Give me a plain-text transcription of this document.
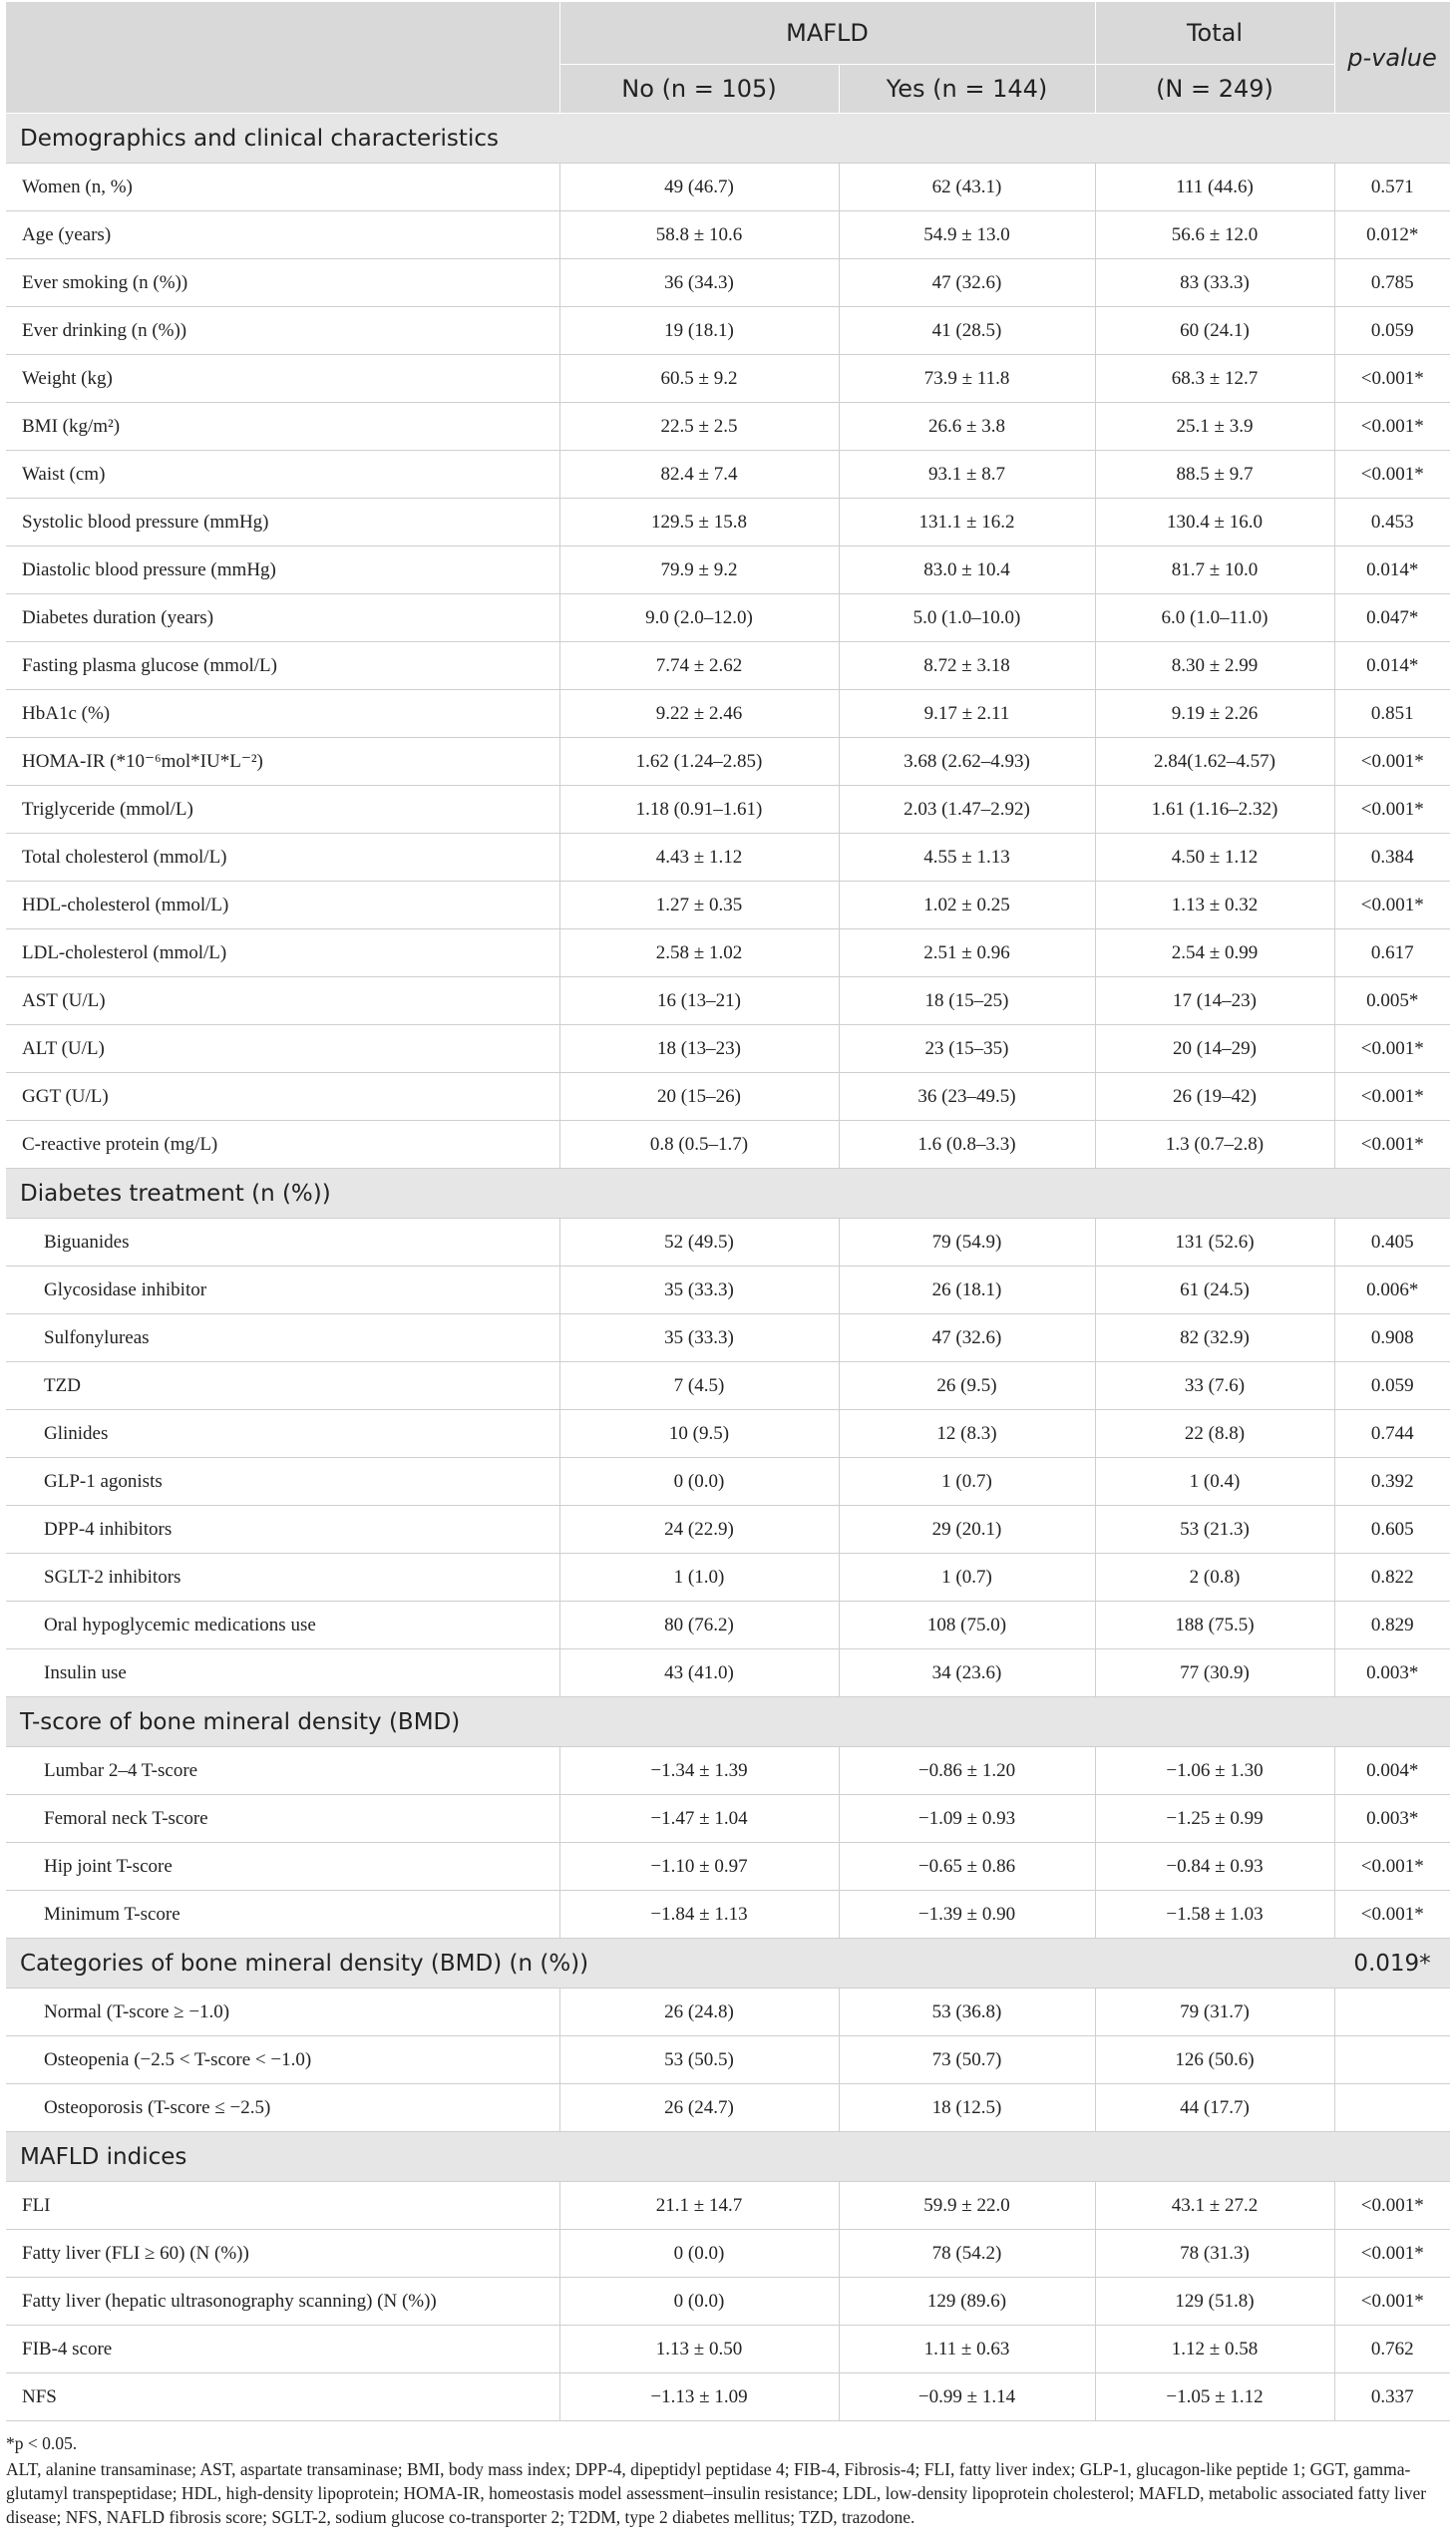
	MAFLD		Total	p-value
	No (n = 105)	Yes (n = 144)	(N = 249)	
Demographics and clinical characteristics				
Women (n, %)	49 (46.7)	62 (43.1)	111 (44.6)	0.571
Age (years)	58.8 ± 10.6	54.9 ± 13.0	56.6 ± 12.0	0.012*
Ever smoking (n (%))	36 (34.3)	47 (32.6)	83 (33.3)	0.785
Ever drinking (n (%))	19 (18.1)	41 (28.5)	60 (24.1)	0.059
Weight (kg)	60.5 ± 9.2	73.9 ± 11.8	68.3 ± 12.7	<0.001*
BMI (kg/m²)	22.5 ± 2.5	26.6 ± 3.8	25.1 ± 3.9	<0.001*
Waist (cm)	82.4 ± 7.4	93.1 ± 8.7	88.5 ± 9.7	<0.001*
Systolic blood pressure (mmHg)	129.5 ± 15.8	131.1 ± 16.2	130.4 ± 16.0	0.453
Diastolic blood pressure (mmHg)	79.9 ± 9.2	83.0 ± 10.4	81.7 ± 10.0	0.014*
Diabetes duration (years)	9.0 (2.0–12.0)	5.0 (1.0–10.0)	6.0 (1.0–11.0)	0.047*
Fasting plasma glucose (mmol/L)	7.74 ± 2.62	8.72 ± 3.18	8.30 ± 2.99	0.014*
HbA1c (%)	9.22 ± 2.46	9.17 ± 2.11	9.19 ± 2.26	0.851
HOMA-IR (*10⁻⁶mol*IU*L⁻²)	1.62 (1.24–2.85)	3.68 (2.62–4.93)	2.84(1.62–4.57)	<0.001*
Triglyceride (mmol/L)	1.18 (0.91–1.61)	2.03 (1.47–2.92)	1.61 (1.16–2.32)	<0.001*
Total cholesterol (mmol/L)	4.43 ± 1.12	4.55 ± 1.13	4.50 ± 1.12	0.384
HDL-cholesterol (mmol/L)	1.27 ± 0.35	1.02 ± 0.25	1.13 ± 0.32	<0.001*
LDL-cholesterol (mmol/L)	2.58 ± 1.02	2.51 ± 0.96	2.54 ± 0.99	0.617
AST (U/L)	16 (13–21)	18 (15–25)	17 (14–23)	0.005*
ALT (U/L)	18 (13–23)	23 (15–35)	20 (14–29)	<0.001*
GGT (U/L)	20 (15–26)	36 (23–49.5)	26 (19–42)	<0.001*
C-reactive protein (mg/L)	0.8 (0.5–1.7)	1.6 (0.8–3.3)	1.3 (0.7–2.8)	<0.001*
Diabetes treatment (n (%))				
Biguanides	52 (49.5)	79 (54.9)	131 (52.6)	0.405
Glycosidase inhibitor	35 (33.3)	26 (18.1)	61 (24.5)	0.006*
Sulfonylureas	35 (33.3)	47 (32.6)	82 (32.9)	0.908
TZD	7 (4.5)	26 (9.5)	33 (7.6)	0.059
Glinides	10 (9.5)	12 (8.3)	22 (8.8)	0.744
GLP-1 agonists	0 (0.0)	1 (0.7)	1 (0.4)	0.392
DPP-4 inhibitors	24 (22.9)	29 (20.1)	53 (21.3)	0.605
SGLT-2 inhibitors	1 (1.0)	1 (0.7)	2 (0.8)	0.822
Oral hypoglycemic medications use	80 (76.2)	108 (75.0)	188 (75.5)	0.829
Insulin use	43 (41.0)	34 (23.6)	77 (30.9)	0.003*
T-score of bone mineral density (BMD)				
Lumbar 2–4 T-score	−1.34 ± 1.39	−0.86 ± 1.20	−1.06 ± 1.30	0.004*
Femoral neck T-score	−1.47 ± 1.04	−1.09 ± 0.93	−1.25 ± 0.99	0.003*
Hip joint T-score	−1.10 ± 0.97	−0.65 ± 0.86	−0.84 ± 0.93	<0.001*
Minimum T-score	−1.84 ± 1.13	−1.39 ± 0.90	−1.58 ± 1.03	<0.001*
Categories of bone mineral density (BMD) (n (%))				0.019*
Normal (T-score ≥ −1.0)	26 (24.8)	53 (36.8)	79 (31.7)	
Osteopenia (−2.5 < T-score < −1.0)	53 (50.5)	73 (50.7)	126 (50.6)	
Osteoporosis (T-score ≤ −2.5)	26 (24.7)	18 (12.5)	44 (17.7)	
MAFLD indices				
FLI	21.1 ± 14.7	59.9 ± 22.0	43.1 ± 27.2	<0.001*
Fatty liver (FLI ≥ 60) (N (%))	0 (0.0)	78 (54.2)	78 (31.3)	<0.001*
Fatty liver (hepatic ultrasonography scanning) (N (%))	0 (0.0)	129 (89.6)	129 (51.8)	<0.001*
FIB-4 score	1.13 ± 0.50	1.11 ± 0.63	1.12 ± 0.58	0.762
NFS	−1.13 ± 1.09	−0.99 ± 1.14	−1.05 ± 1.12	0.337

*p < 0.05.

ALT, alanine transaminase; AST, aspartate transaminase; BMI, body mass index; DPP-4, dipeptidyl peptidase 4; FIB-4, Fibrosis-4; FLI, fatty liver index; GLP-1, glucagon-like peptide 1; GGT, gamma-glutamyl transpeptidase; HDL, high-density lipoprotein; HOMA-IR, homeostasis model assessment–insulin resistance; LDL, low-density lipoprotein cholesterol; MAFLD, metabolic associated fatty liver disease; NFS, NAFLD fibrosis score; SGLT-2, sodium glucose co-transporter 2; T2DM, type 2 diabetes mellitus; TZD, trazodone.
